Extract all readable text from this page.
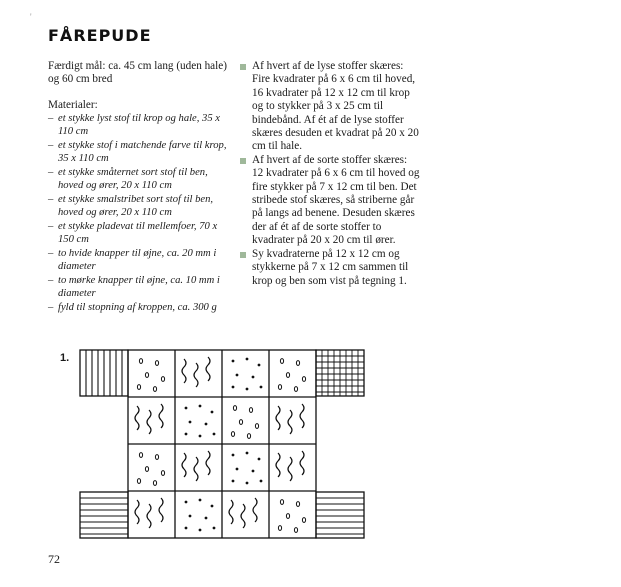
'
FÅREPUDE

Færdigt mål: ca. 45 cm lang (uden hale) og 60 cm bred

Materialer:

– et stykke lyst stof til krop og hale, 35 x 110 cm
– et stykke stof i matchende farve til krop, 35 x 110 cm
– et stykke småternet sort stof til ben, hoved og ører, 20 x 110 cm
– et stykke smalstribet sort stof til ben, hoved og ører, 20 x 110 cm
– et stykke pladevat til mellemfoer, 70 x 150 cm
– to hvide knapper til øjne, ca. 20 mm i diameter
– to mørke knapper til øjne, ca. 10 mm i diameter
– fyld til stopning af kroppen, ca. 300 g
Af hvert af de lyse stoffer skæres: Fire kvadrater på 6 x 6 cm til hoved, 16 kvadrater på 12 x 12 cm til krop og to stykker på 3 x 25 cm til bindebånd. Af ét af de lyse stoffer skæres desuden et kvadrat på 20 x 20 cm til hale.
Af hvert af de sorte stoffer skæres: 12 kvadrater på 6 x 6 cm til hoved og fire stykker på 7 x 12 cm til ben. Det stribede stof skæres, så striberne går på langs ad benene. Desuden skæres der af ét af de sorte stoffer to kvadrater på 20 x 20 cm til ører.
Sy kvadraterne på 12 x 12 cm og stykkerne på 7 x 12 cm sammen til krop og ben som vist på tegning 1.
1.
72
